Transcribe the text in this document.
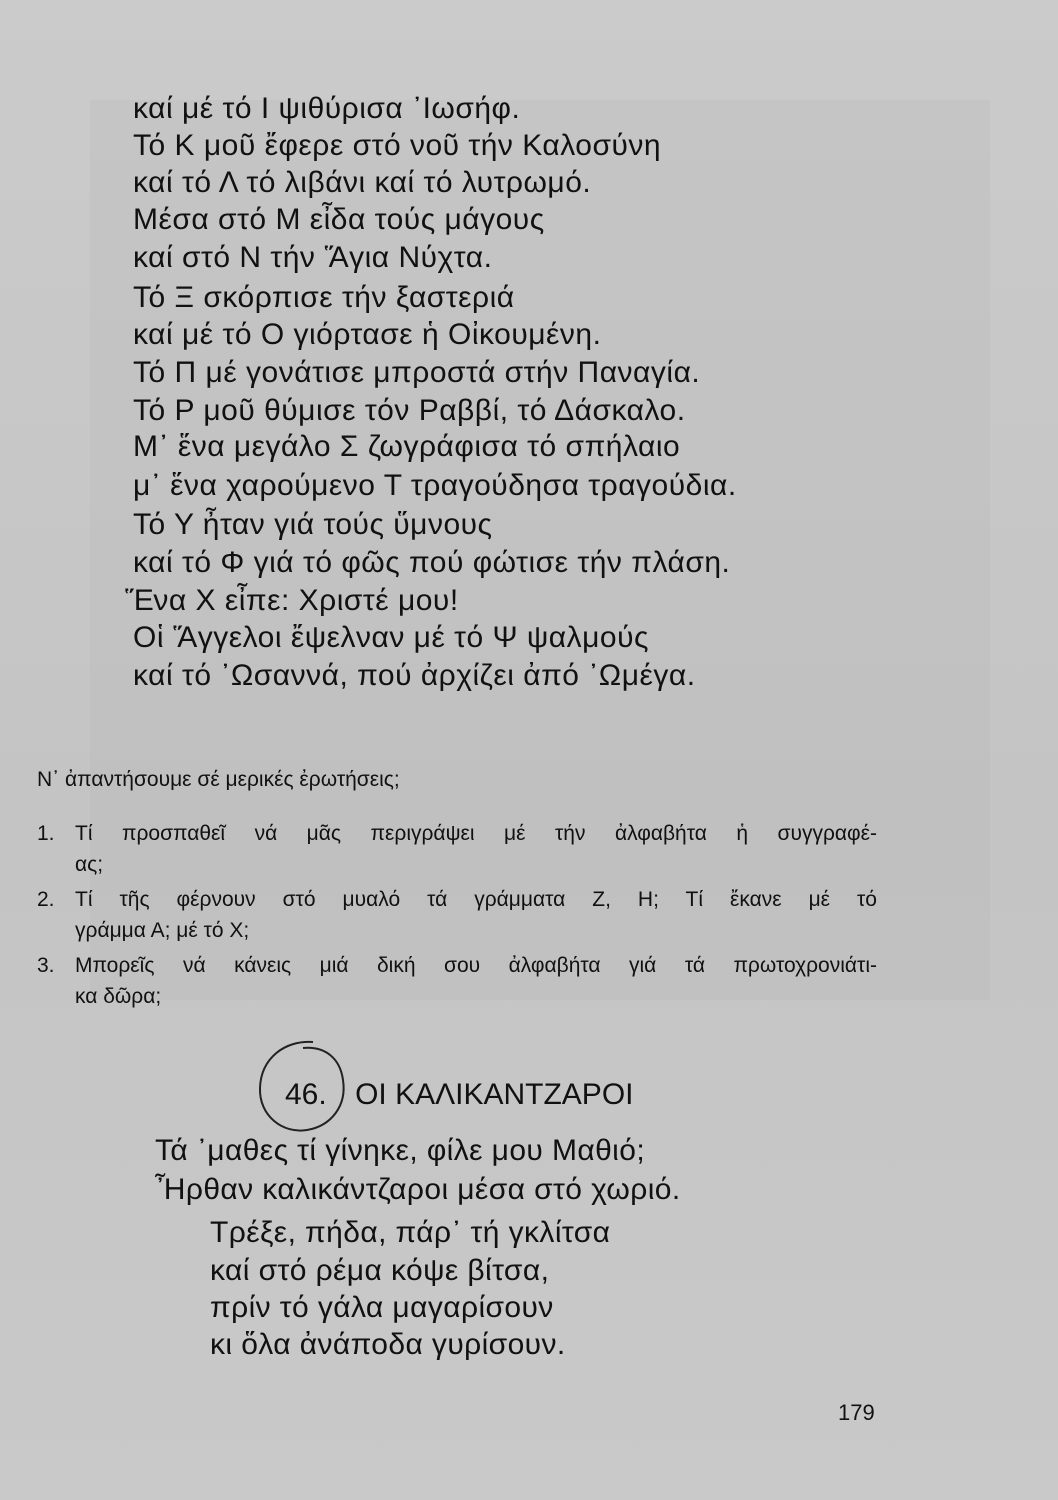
καί μέ τό Ι ψιθύρισα ᾿Ιωσήφ.

Τό Κ μοῦ ἔφερε στό νοῦ τήν Καλοσύνη

καί τό Λ τό λιβάνι καί τό λυτρωμό.

Μέσα στό Μ εἶδα τούς μάγους

καί στό Ν τήν Ἅγια Νύχτα.

Τό Ξ σκόρπισε τήν ξαστεριά

καί μέ τό Ο γιόρτασε ἡ Οἰκουμένη.

Τό Π μέ γονάτισε μπροστά στήν Παναγία.

Τό Ρ μοῦ θύμισε τόν Ραββί, τό Δάσκαλο.

Μ᾿ ἕνα μεγάλο Σ ζωγράφισα τό σπήλαιο

μ᾿ ἕνα χαρούμενο Τ τραγούδησα τραγούδια.

Τό Υ ἦταν γιά τούς ὕμνους

καί τό Φ γιά τό φῶς πού φώτισε τήν πλάση.

Ἕνα Χ εἶπε: Χριστέ μου!

Οἱ Ἅγγελοι ἔψελναν μέ τό Ψ ψαλμούς

καί τό ᾿Ωσαννά, πού ἀρχίζει ἀπό ᾿Ωμέγα.

Ν᾿ ἀπαντήσουμε σέ μερικές ἐρωτήσεις;

1. Τί προσπαθεῖ νά μᾶς περιγράψει μέ τήν ἀλφαβήτα ἡ συγγραφέ-
ας;
2. Τί τῆς φέρνουν στό μυαλό τά γράμματα Ζ, Η; Τί ἔκανε μέ τό
γράμμα Α; μέ τό Χ;
3. Μπορεῖς νά κάνεις μιά δική σου ἀλφαβήτα γιά τά πρωτοχρονιάτι-
κα δῶρα;

46. ΟΙ ΚΑΛΙΚΑΝΤΖΑΡΟΙ

Τά ᾿μαθες τί γίνηκε, φίλε μου Μαθιό;

Ἦρθαν καλικάντζαροι μέσα στό χωριό.

Τρέξε, πήδα, πάρ᾿ τή γκλίτσα

καί στό ρέμα κόψε βίτσα,

πρίν τό γάλα μαγαρίσουν

κι ὅλα ἀνάποδα γυρίσουν.

179
